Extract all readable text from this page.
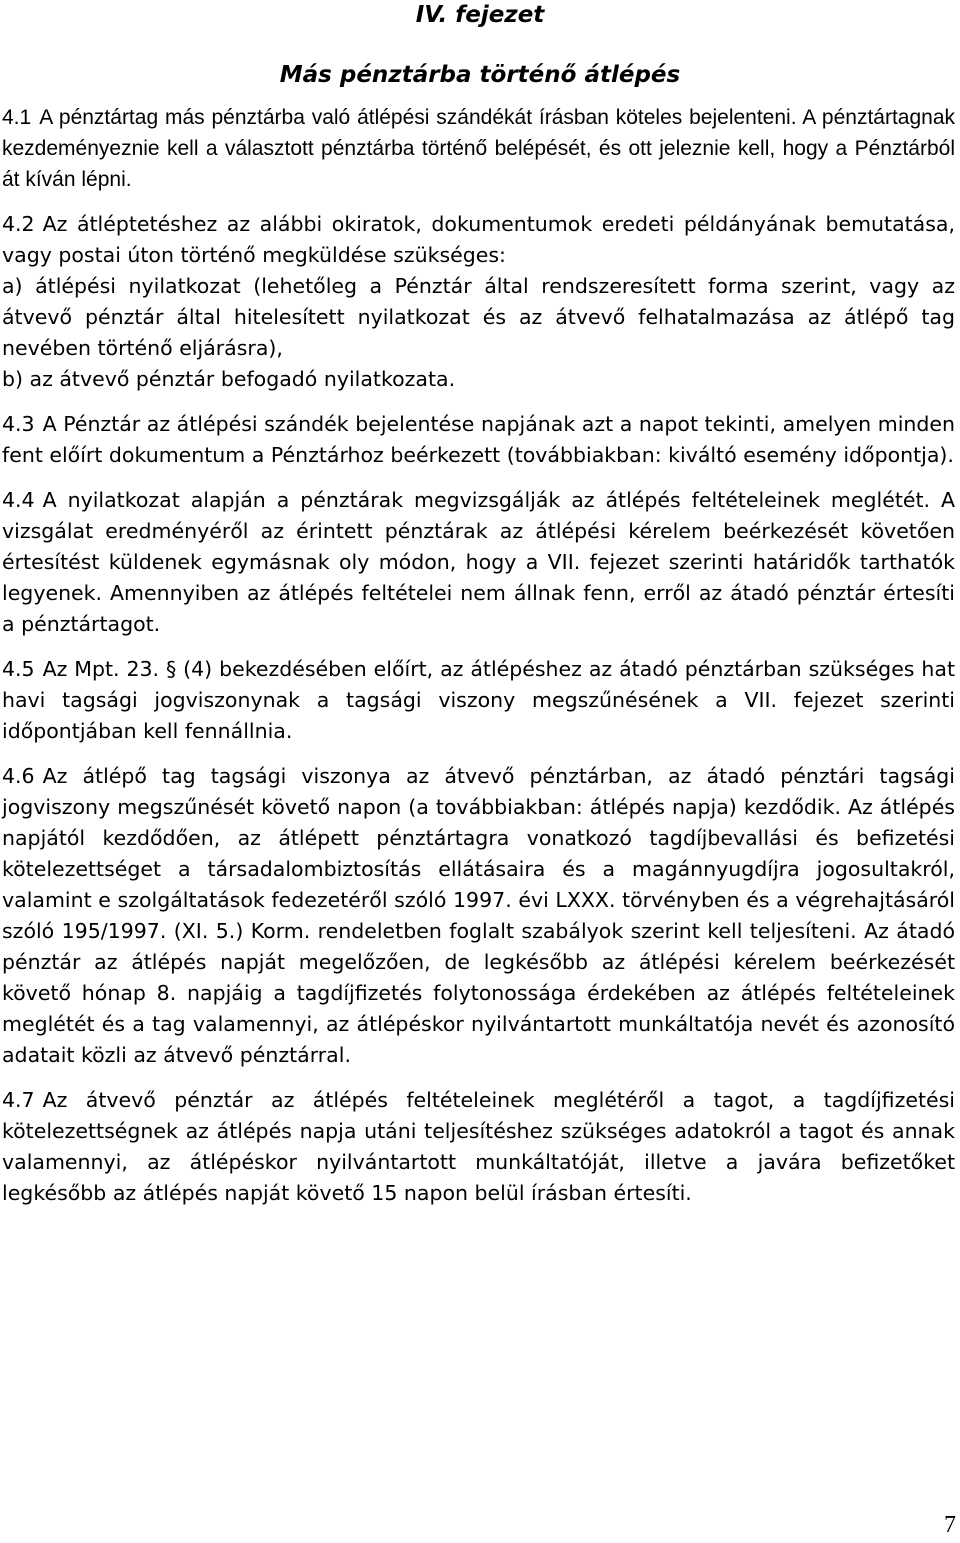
IV. fejezet
Más pénztárba történő átlépés

4.1 A pénztártag más pénztárba való átlépési szándékát írásban köteles bejelenteni. A pénztártagnak kezdeményeznie kell a választott pénztárba történő belépését, és ott jeleznie kell, hogy a Pénztárból át kíván lépni.

4.2 Az átléptetéshez az alábbi okiratok, dokumentumok eredeti példányának bemutatása, vagy postai úton történő megküldése szükséges:
a) átlépési nyilatkozat (lehetőleg a Pénztár által rendszeresített forma szerint, vagy az átvevő pénztár által hitelesített nyilatkozat és az átvevő felhatalmazása az átlépő tag nevében történő eljárásra),
b) az átvevő pénztár befogadó nyilatkozata.

4.3 A Pénztár az átlépési szándék bejelentése napjának azt a napot tekinti, amelyen minden fent előírt dokumentum a Pénztárhoz beérkezett (továbbiakban: kiváltó esemény időpontja).

4.4 A nyilatkozat alapján a pénztárak megvizsgálják az átlépés feltételeinek meglétét. A vizsgálat eredményéről az érintett pénztárak az átlépési kérelem beérkezését követően értesítést küldenek egymásnak oly módon, hogy a VII. fejezet szerinti határidők tarthatók legyenek. Amennyiben az átlépés feltételei nem állnak fenn, erről az átadó pénztár értesíti a pénztártagot.

4.5 Az Mpt. 23. § (4) bekezdésében előírt, az átlépéshez az átadó pénztárban szükséges hat havi tagsági jogviszonynak a tagsági viszony megszűnésének a VII. fejezet szerinti időpontjában kell fennállnia.

4.6 Az átlépő tag tagsági viszonya az átvevő pénztárban, az átadó pénztári tagsági jogviszony megszűnését követő napon (a továbbiakban: átlépés napja) kezdődik. Az átlépés napjától kezdődően, az átlépett pénztártagra vonatkozó tagdíjbevallási és befizetési kötelezettséget a társadalombiztosítás ellátásaira és a magánnyugdíjra jogosultakról, valamint e szolgáltatások fedezetéről szóló 1997. évi LXXX. törvényben és a végrehajtásáról szóló 195/1997. (XI. 5.) Korm. rendeletben foglalt szabályok szerint kell teljesíteni. Az átadó pénztár az átlépés napját megelőzően, de legkésőbb az átlépési kérelem beérkezését követő hónap 8. napjáig a tagdíjfizetés folytonossága érdekében az átlépés feltételeinek meglétét és a tag valamennyi, az átlépéskor nyilvántartott munkáltatója nevét és azonosító adatait közli az átvevő pénztárral.

4.7 Az átvevő pénztár az átlépés feltételeinek meglétéről a tagot, a tagdíjfizetési kötelezettségnek az átlépés napja utáni teljesítéshez szükséges adatokról a tagot és annak valamennyi, az átlépéskor nyilvántartott munkáltatóját, illetve a javára befizetőket legkésőbb az átlépés napját követő 15 napon belül írásban értesíti.

7
